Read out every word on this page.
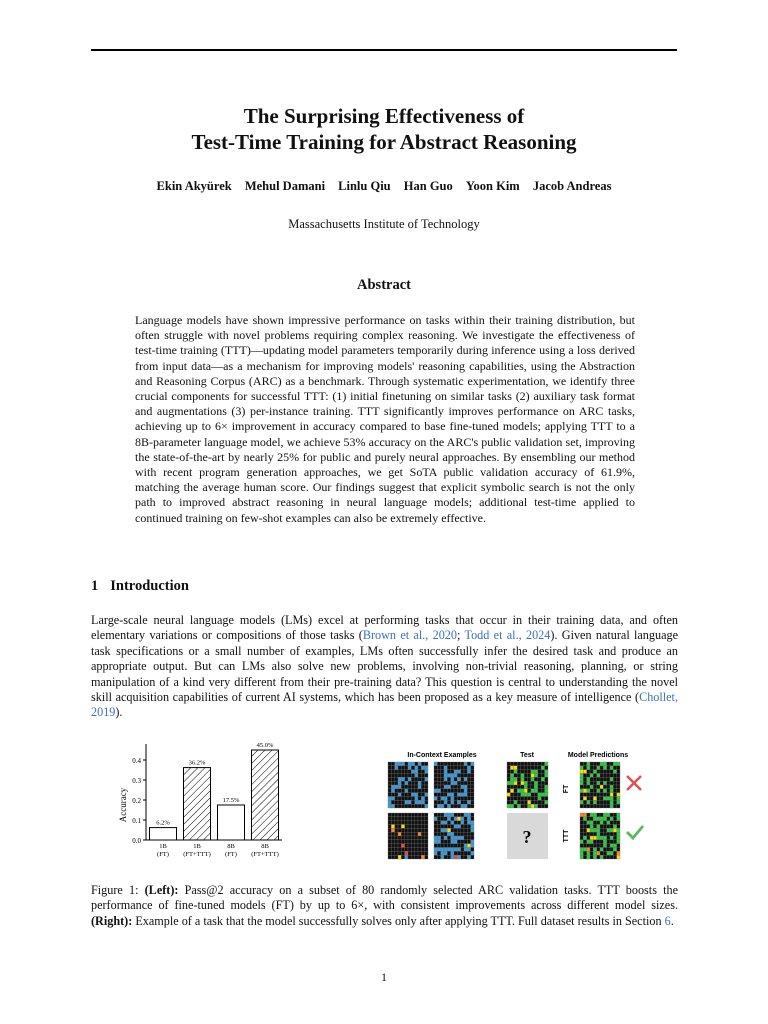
The Surprising Effectiveness of
Test-Time Training for Abstract Reasoning
Ekin Akyürek Mehul Damani Linlu Qiu Han Guo Yoon Kim Jacob Andreas
Massachusetts Institute of Technology
Abstract
Language models have shown impressive performance on tasks within their training distribution, but often struggle with novel problems requiring complex reasoning. We investigate the effectiveness of test-time training (TTT)—updating model parameters temporarily during inference using a loss derived from input data—as a mechanism for improving models' reasoning capabilities, using the Abstraction and Reasoning Corpus (ARC) as a benchmark. Through systematic experimentation, we identify three crucial components for successful TTT: (1) initial finetuning on similar tasks (2) auxiliary task format and augmentations (3) per-instance training. TTT significantly improves performance on ARC tasks, achieving up to 6× improvement in accuracy compared to base fine-tuned models; applying TTT to a 8B-parameter language model, we achieve 53% accuracy on the ARC's public validation set, improving the state-of-the-art by nearly 25% for public and purely neural approaches. By ensembling our method with recent program generation approaches, we get SoTA public validation accuracy of 61.9%, matching the average human score. Our findings suggest that explicit symbolic search is not the only path to improved abstract reasoning in neural language models; additional test-time applied to continued training on few-shot examples can also be extremely effective.
1 Introduction
Large-scale neural language models (LMs) excel at performing tasks that occur in their training data, and often elementary variations or compositions of those tasks (Brown et al., 2020; Todd et al., 2024). Given natural language task specifications or a small number of examples, LMs often successfully infer the desired task and produce an appropriate output. But can LMs also solve new problems, involving non-trivial reasoning, planning, or string manipulation of a kind very different from their pre-training data? This question is central to understanding the novel skill acquisition capabilities of current AI systems, which has been proposed as a key measure of intelligence (Chollet, 2019).
Accuracy
0.0
0.1
0.2
0.3
0.4
6.2%
1B
(FT)
36.2%
1B
(FT+TTT)
17.5%
8B
(FT)
45.0%
8B
(FT+TTT)
In-Context Examples	Test	Model Predictions
FT
TTT
?
Figure 1: (Left): Pass@2 accuracy on a subset of 80 randomly selected ARC validation tasks. TTT boosts the performance of fine-tuned models (FT) by up to 6×, with consistent improvements across different model sizes. (Right): Example of a task that the model successfully solves only after applying TTT. Full dataset results in Section 6.
1
